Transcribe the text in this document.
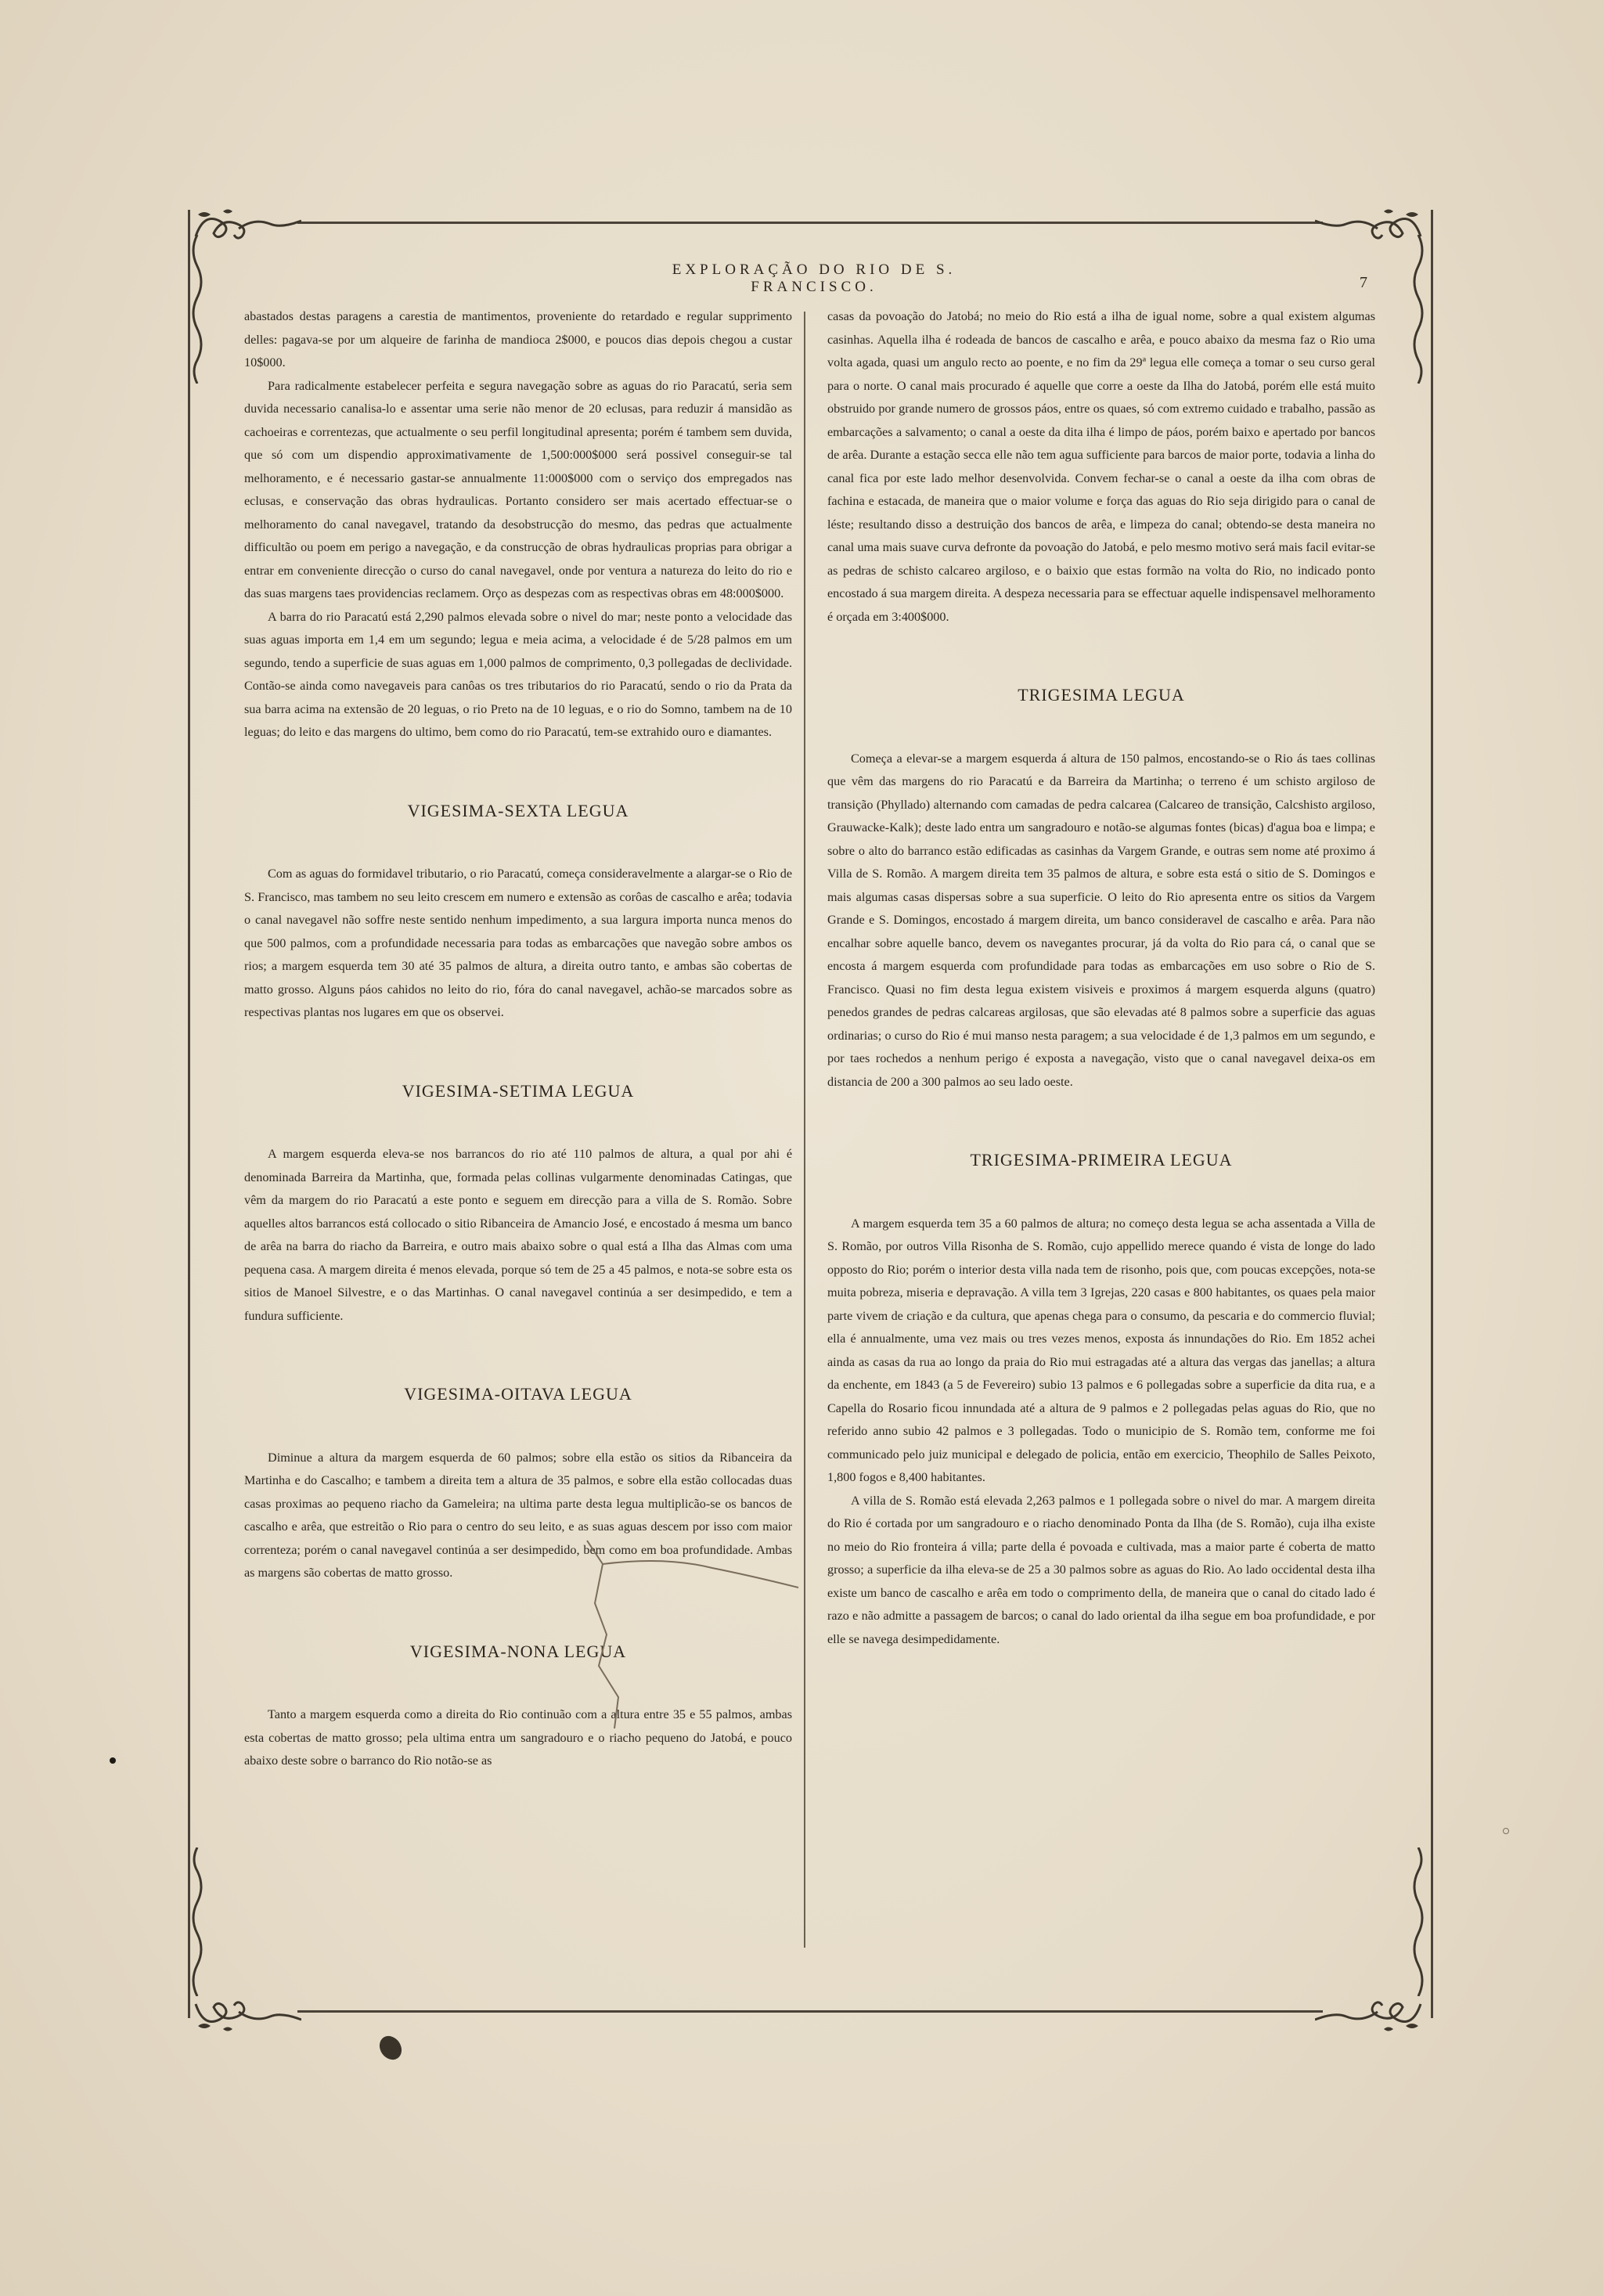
EXPLORAÇÃO DO RIO DE S. FRANCISCO.	7

abastados destas paragens a carestia de mantimentos, proveniente do retardado e regular supprimento delles: pagava-se por um alqueire de farinha de mandioca 2$000, e poucos dias depois chegou a custar 10$000.

Para radicalmente estabelecer perfeita e segura navegação sobre as aguas do rio Paracatú, seria sem duvida necessario canalisa-lo e assentar uma serie não menor de 20 eclusas, para reduzir á mansidão as cachoeiras e correntezas, que actualmente o seu perfil longitudinal apresenta; porém é tambem sem duvida, que só com um dispendio approximativamente de 1,500:000$000 será possivel conseguir-se tal melhoramento, e é necessario gastar-se annualmente 11:000$000 com o serviço dos empregados nas eclusas, e conservação das obras hydraulicas. Portanto considero ser mais acertado effectuar-se o melhoramento do canal navegavel, tratando da desobstrucção do mesmo, das pedras que actualmente difficultão ou poem em perigo a navegação, e da construcção de obras hydraulicas proprias para obrigar a entrar em conveniente direcção o curso do canal navegavel, onde por ventura a natureza do leito do rio e das suas margens taes providencias reclamem. Orço as despezas com as respectivas obras em 48:000$000.

A barra do rio Paracatú está 2,290 palmos elevada sobre o nivel do mar; neste ponto a velocidade das suas aguas importa em 1,4 em um segundo; legua e meia acima, a velocidade é de 5/28 palmos em um segundo, tendo a superficie de suas aguas em 1,000 palmos de comprimento, 0,3 pollegadas de declividade. Contão-se ainda como navegaveis para canôas os tres tributarios do rio Paracatú, sendo o rio da Prata da sua barra acima na extensão de 20 leguas, o rio Preto na de 10 leguas, e o rio do Somno, tambem na de 10 leguas; do leito e das margens do ultimo, bem como do rio Paracatú, tem-se extrahido ouro e diamantes.

VIGESIMA-SEXTA LEGUA

Com as aguas do formidavel tributario, o rio Paracatú, começa consideravelmente a alargar-se o Rio de S. Francisco, mas tambem no seu leito crescem em numero e extensão as corôas de cascalho e arêa; todavia o canal navegavel não soffre neste sentido nenhum impedimento, a sua largura importa nunca menos do que 500 palmos, com a profundidade necessaria para todas as embarcações que navegão sobre ambos os rios; a margem esquerda tem 30 até 35 palmos de altura, a direita outro tanto, e ambas são cobertas de matto grosso. Alguns páos cahidos no leito do rio, fóra do canal navegavel, achão-se marcados sobre as respectivas plantas nos lugares em que os observei.

VIGESIMA-SETIMA LEGUA

A margem esquerda eleva-se nos barrancos do rio até 110 palmos de altura, a qual por ahi é denominada Barreira da Martinha, que, formada pelas collinas vulgarmente denominadas Catingas, que vêm da margem do rio Paracatú a este ponto e seguem em direcção para a villa de S. Romão. Sobre aquelles altos barrancos está collocado o sitio Ribanceira de Amancio José, e encostado á mesma um banco de arêa na barra do riacho da Barreira, e outro mais abaixo sobre o qual está a Ilha das Almas com uma pequena casa. A margem direita é menos elevada, porque só tem de 25 a 45 palmos, e nota-se sobre esta os sitios de Manoel Silvestre, e o das Martinhas. O canal navegavel continúa a ser desimpedido, e tem a fundura sufficiente.

VIGESIMA-OITAVA LEGUA

Diminue a altura da margem esquerda de 60 palmos; sobre ella estão os sitios da Ribanceira da Martinha e do Cascalho; e tambem a direita tem a altura de 35 palmos, e sobre ella estão collocadas duas casas proximas ao pequeno riacho da Gameleira; na ultima parte desta legua multiplicão-se os bancos de cascalho e arêa, que estreitão o Rio para o centro do seu leito, e as suas aguas descem por isso com maior correnteza; porém o canal navegavel continúa a ser desimpedido, bem como em boa profundidade. Ambas as margens são cobertas de matto grosso.

VIGESIMA-NONA LEGUA

Tanto a margem esquerda como a direita do Rio continuão com a altura entre 35 e 55 palmos, ambas esta cobertas de matto grosso; pela ultima entra um sangradouro e o riacho pequeno do Jatobá, e pouco abaixo deste sobre o barranco do Rio notão-se as

casas da povoação do Jatobá; no meio do Rio está a ilha de igual nome, sobre a qual existem algumas casinhas. Aquella ilha é rodeada de bancos de cascalho e arêa, e pouco abaixo da mesma faz o Rio uma volta agada, quasi um angulo recto ao poente, e no fim da 29ª legua elle começa a tomar o seu curso geral para o norte. O canal mais procurado é aquelle que corre a oeste da Ilha do Jatobá, porém elle está muito obstruido por grande numero de grossos páos, entre os quaes, só com extremo cuidado e trabalho, passão as embarcações a salvamento; o canal a oeste da dita ilha é limpo de páos, porém baixo e apertado por bancos de arêa. Durante a estação secca elle não tem agua sufficiente para barcos de maior porte, todavia a linha do canal fica por este lado melhor desenvolvida. Convem fechar-se o canal a oeste da ilha com obras de fachina e estacada, de maneira que o maior volume e força das aguas do Rio seja dirigido para o canal de léste; resultando disso a destruição dos bancos de arêa, e limpeza do canal; obtendo-se desta maneira no canal uma mais suave curva defronte da povoação do Jatobá, e pelo mesmo motivo será mais facil evitar-se as pedras de schisto calcareo argiloso, e o baixio que estas formão na volta do Rio, no indicado ponto encostado á sua margem direita. A despeza necessaria para se effectuar aquelle indispensavel melhoramento é orçada em 3:400$000.

TRIGESIMA LEGUA

Começa a elevar-se a margem esquerda á altura de 150 palmos, encostando-se o Rio ás taes collinas que vêm das margens do rio Paracatú e da Barreira da Martinha; o terreno é um schisto argiloso de transição (Phyllado) alternando com camadas de pedra calcarea (Calcareo de transição, Calcshisto argiloso, Grauwacke-Kalk); deste lado entra um sangradouro e notão-se algumas fontes (bicas) d'agua boa e limpa; e sobre o alto do barranco estão edificadas as casinhas da Vargem Grande, e outras sem nome até proximo á Villa de S. Romão. A margem direita tem 35 palmos de altura, e sobre esta está o sitio de S. Domingos e mais algumas casas dispersas sobre a sua superficie. O leito do Rio apresenta entre os sitios da Vargem Grande e S. Domingos, encostado á margem direita, um banco consideravel de cascalho e arêa. Para não encalhar sobre aquelle banco, devem os navegantes procurar, já da volta do Rio para cá, o canal que se encosta á margem esquerda com profundidade para todas as embarcações em uso sobre o Rio de S. Francisco. Quasi no fim desta legua existem visiveis e proximos á margem esquerda alguns (quatro) penedos grandes de pedras calcareas argilosas, que são elevadas até 8 palmos sobre a superficie das aguas ordinarias; o curso do Rio é mui manso nesta paragem; a sua velocidade é de 1,3 palmos em um segundo, e por taes rochedos a nenhum perigo é exposta a navegação, visto que o canal navegavel deixa-os em distancia de 200 a 300 palmos ao seu lado oeste.

TRIGESIMA-PRIMEIRA LEGUA

A margem esquerda tem 35 a 60 palmos de altura; no começo desta legua se acha assentada a Villa de S. Romão, por outros Villa Risonha de S. Romão, cujo appellido merece quando é vista de longe do lado opposto do Rio; porém o interior desta villa nada tem de risonho, pois que, com poucas excepções, nota-se muita pobreza, miseria e depravação. A villa tem 3 Igrejas, 220 casas e 800 habitantes, os quaes pela maior parte vivem de criação e da cultura, que apenas chega para o consumo, da pescaria e do commercio fluvial; ella é annualmente, uma vez mais ou tres vezes menos, exposta ás innundações do Rio. Em 1852 achei ainda as casas da rua ao longo da praia do Rio mui estragadas até a altura das vergas das janellas; a altura da enchente, em 1843 (a 5 de Fevereiro) subio 13 palmos e 6 pollegadas sobre a superficie da dita rua, e a Capella do Rosario ficou innundada até a altura de 9 palmos e 2 pollegadas pelas aguas do Rio, que no referido anno subio 42 palmos e 3 pollegadas. Todo o municipio de S. Romão tem, conforme me foi communicado pelo juiz municipal e delegado de policia, então em exercicio, Theophilo de Salles Peixoto, 1,800 fogos e 8,400 habitantes.

A villa de S. Romão está elevada 2,263 palmos e 1 pollegada sobre o nivel do mar. A margem direita do Rio é cortada por um sangradouro e o riacho denominado Ponta da Ilha (de S. Romão), cuja ilha existe no meio do Rio fronteira á villa; parte della é povoada e cultivada, mas a maior parte é coberta de matto grosso; a superficie da ilha eleva-se de 25 a 30 palmos sobre as aguas do Rio. Ao lado occidental desta ilha existe um banco de cascalho e arêa em todo o comprimento della, de maneira que o canal do citado lado é razo e não admitte a passagem de barcos; o canal do lado oriental da ilha segue em boa profundidade, e por elle se navega desimpedidamente.
